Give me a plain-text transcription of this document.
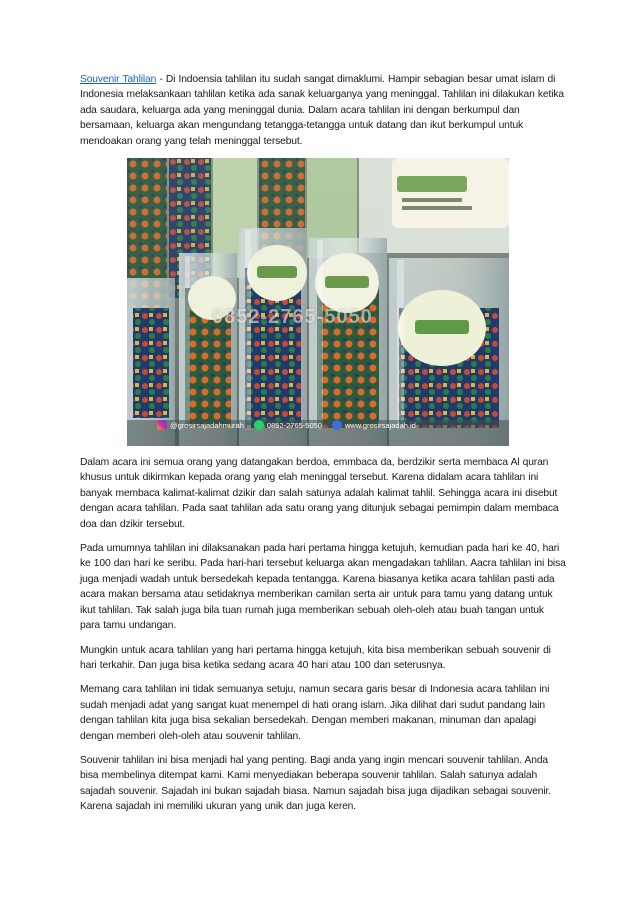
Souvenir Tahlilan - Di Indoensia tahlilan itu sudah sangat dimaklumi. Hampir sebagian besar umat islam di Indonesia melaksankaan tahlilan ketika ada sanak keluarganya yang meninggal. Tahlilan ini dilakukan ketika ada saudara, keluarga ada yang meninggal dunia. Dalam acara tahlilan ini dengan berkumpul dan bersamaan, keluarga akan mengundang tetangga-tetangga untuk datang dan ikut berkumpul untuk mendoakan orang yang telah meninggal tersebut.

0852-2765-5050
@grosirsajadahmurah	0852-2765-5050	www.grosirsajadah.id

Dalam acara ini semua orang yang datangakan berdoa, emmbaca da, berdzikir serta membaca Al quran khusus untuk dikirmkan kepada orang yang elah meninggal tersebut. Karena didalam acara tahlilan ini banyak membaca kalimat-kalimat dzikir dan salah satunya adalah kalimat tahlil. Sehingga acara ini disebut dengan acara tahlilan. Pada saat tahlilan ada satu orang yang ditunjuk sebagai pemimpin dalam membaca doa dan dzikir tersebut.

Pada umumnya tahlilan ini dilaksanakan pada hari pertama hingga ketujuh, kemudian pada hari ke 40, hari ke 100 dan hari ke seribu. Pada hari-hari tersebut keluarga akan mengadakan tahlilan. Aacra tahlilan ini bisa juga menjadi wadah untuk bersedekah kepada tentangga. Karena biasanya ketika acara tahlilan pasti ada acara makan bersama atau setidaknya memberikan camilan serta air untuk para tamu yang datang untuk ikut tahlilan. Tak salah juga bila tuan rumah juga memberikan sebuah oleh-oleh atau buah tangan untuk para tamu undangan.

Mungkin untuk acara tahlilan yang hari pertama hingga ketujuh, kita bisa memberikan sebuah souvenir di hari terkahir. Dan juga bisa ketika sedang acara 40 hari atau 100 dan seterusnya.

Memang cara tahlilan ini tidak semuanya setuju, namun secara garis besar di Indonesia acara tahlilan ini sudah menjadi adat yang sangat kuat menempel di hati orang islam. Jika dilihat dari sudut pandang lain dengan tahlilan kita juga bisa sekalian bersedekah. Dengan memberi makanan, minuman dan apalagi dengan memberi oleh-oleh atau souvenir tahlilan.

Souvenir tahlilan ini bisa menjadi hal yang penting. Bagi anda yang ingin mencari souvenir tahlilan. Anda bisa membelinya ditempat kami. Kami menyediakan beberapa souvenir tahlilan. Salah satunya adalah sajadah souvenir. Sajadah ini bukan sajadah biasa. Namun sajadah bisa juga dijadikan sebagai souvenir. Karena sajadah ini memiliki ukuran yang unik dan juga keren.
